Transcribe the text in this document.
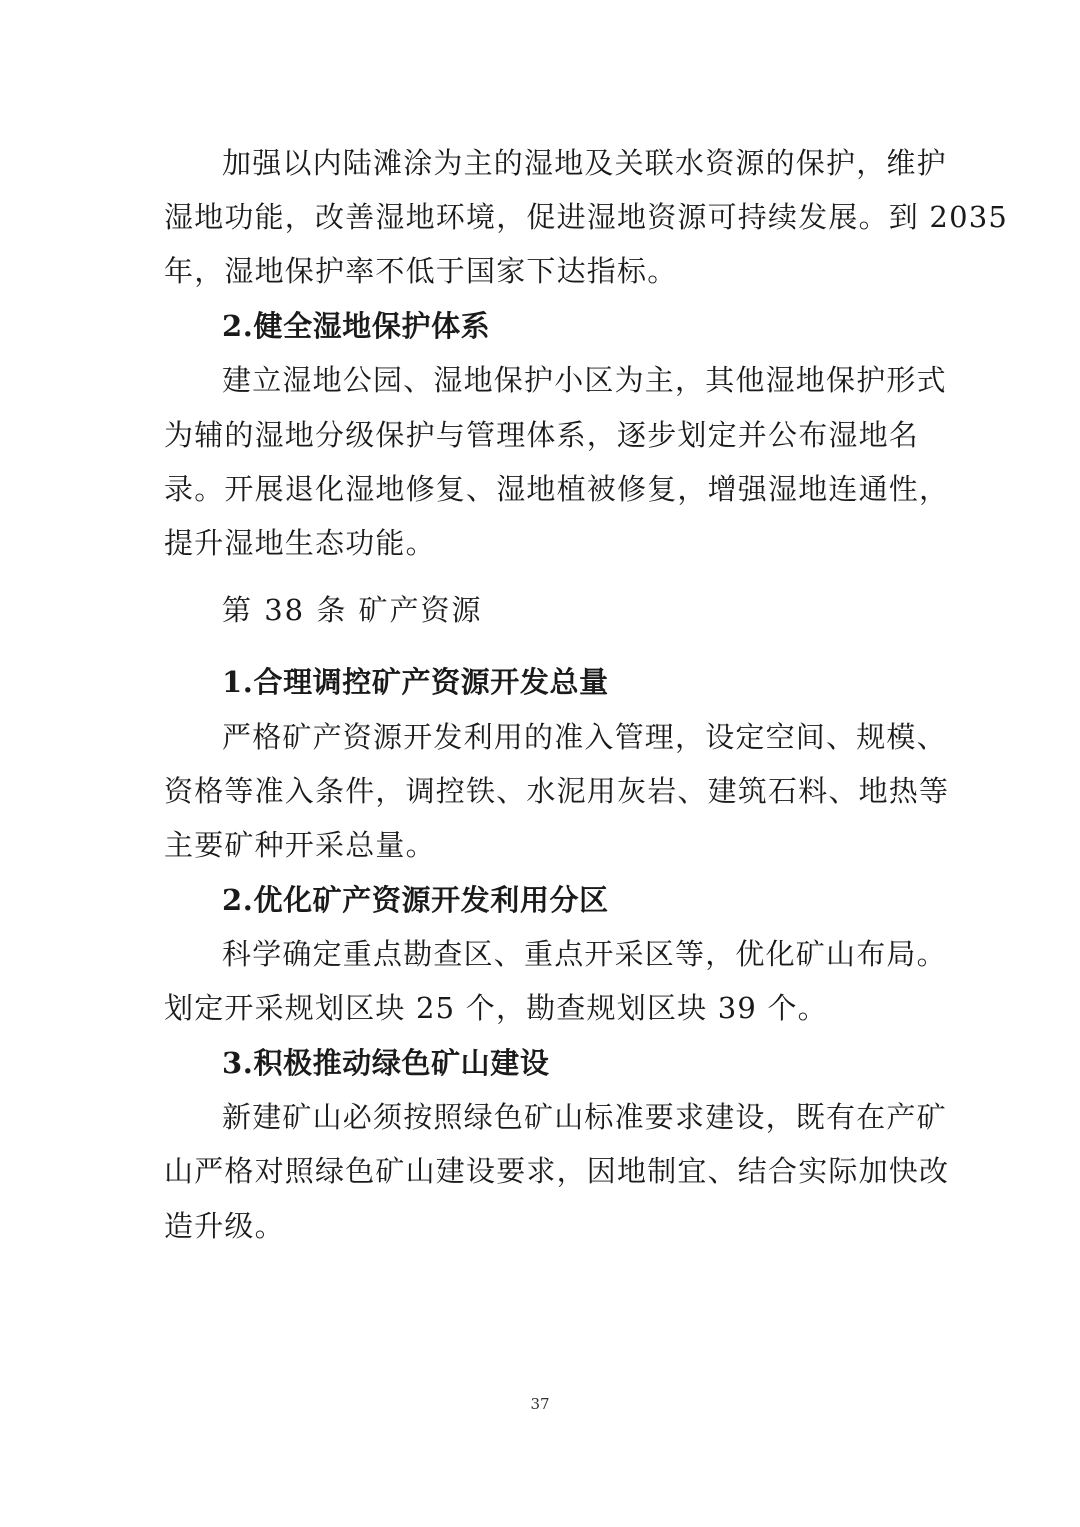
加强以内陆滩涂为主的湿地及关联水资源的保护，维护
湿地功能，改善湿地环境，促进湿地资源可持续发展。到 2035
年，湿地保护率不低于国家下达指标。
2.健全湿地保护体系
建立湿地公园、湿地保护小区为主，其他湿地保护形式
为辅的湿地分级保护与管理体系，逐步划定并公布湿地名
录。开展退化湿地修复、湿地植被修复，增强湿地连通性，
提升湿地生态功能。
第 38 条 矿产资源
1.合理调控矿产资源开发总量
严格矿产资源开发利用的准入管理，设定空间、规模、
资格等准入条件，调控铁、水泥用灰岩、建筑石料、地热等
主要矿种开采总量。
2.优化矿产资源开发利用分区
科学确定重点勘查区、重点开采区等，优化矿山布局。
划定开采规划区块 25 个，勘查规划区块 39 个。
3.积极推动绿色矿山建设
新建矿山必须按照绿色矿山标准要求建设，既有在产矿
山严格对照绿色矿山建设要求，因地制宜、结合实际加快改
造升级。
37
